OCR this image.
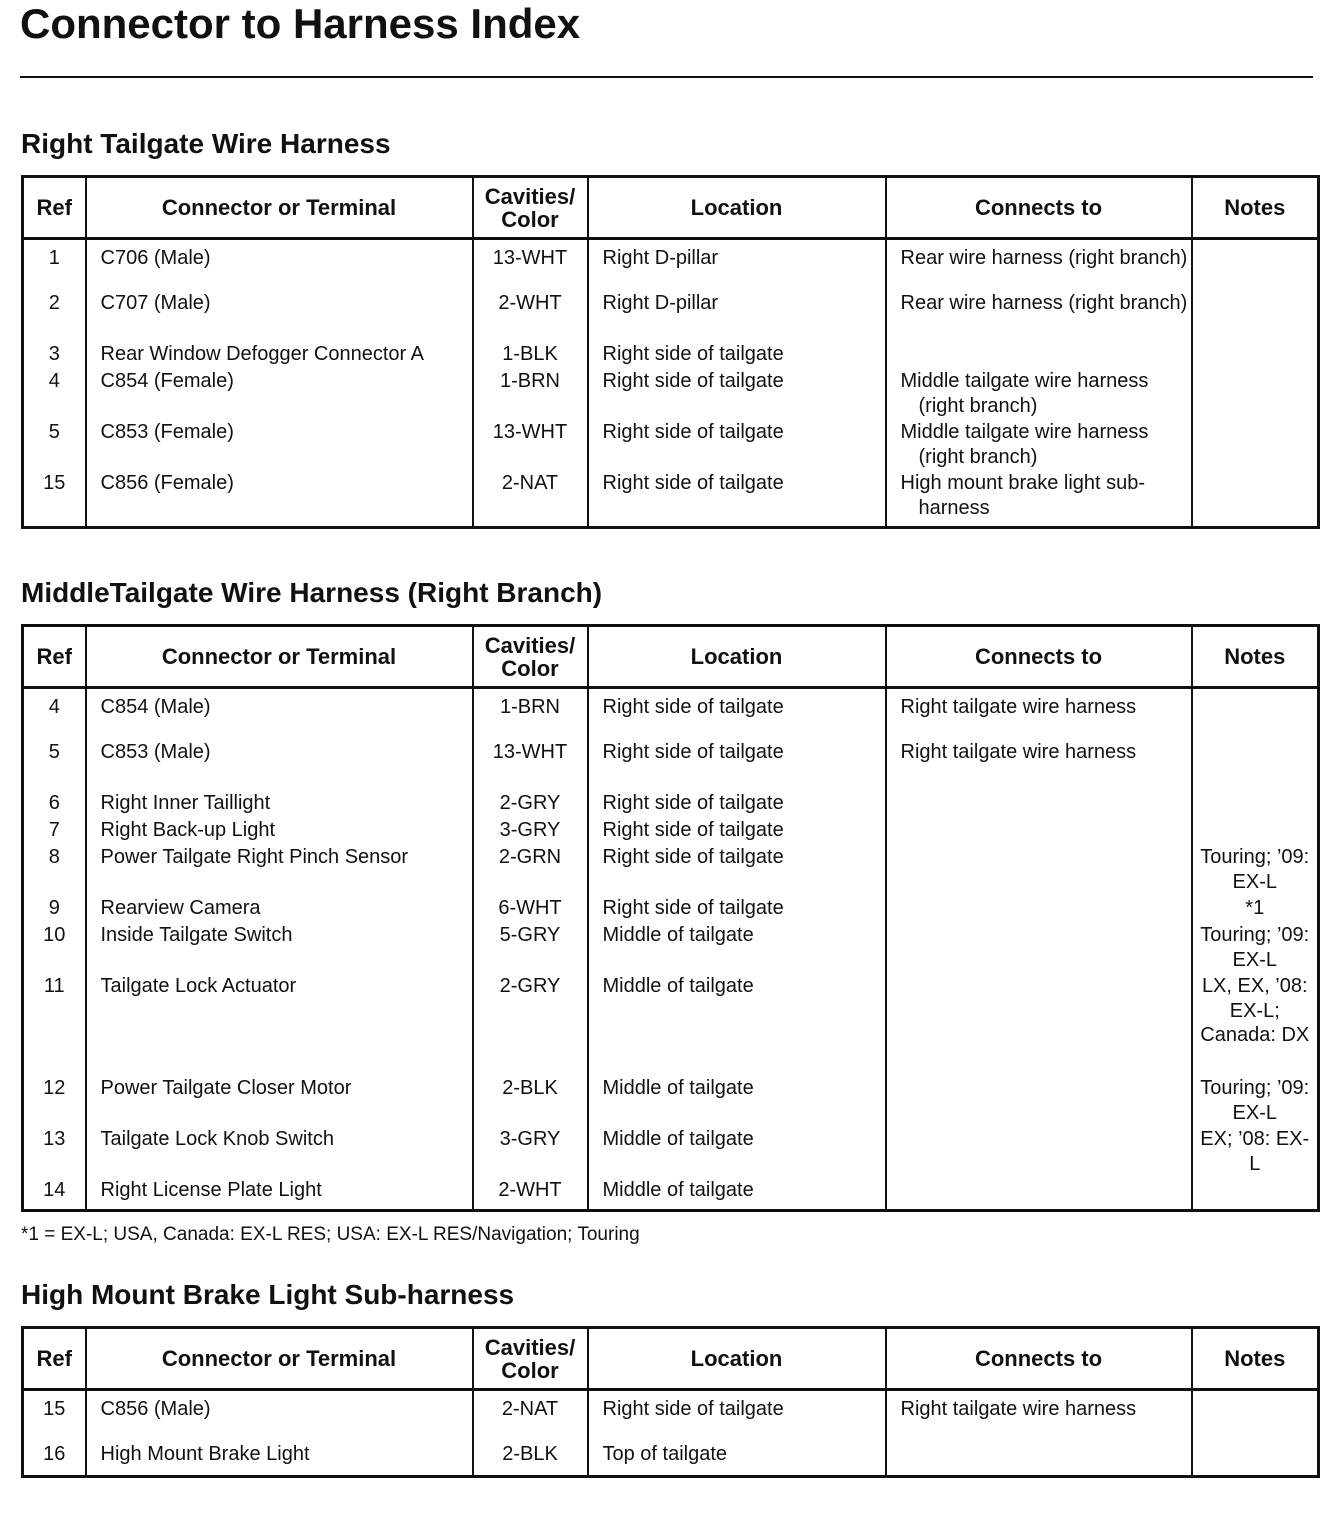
Connector to Harness Index
Right Tailgate Wire Harness
Ref	Connector or Terminal	Cavities/
Color	Location	Connects to	Notes
1	C706 (Male)	13-WHT	Right D-pillar	Rear wire harness (right branch)	

2	C707 (Male)	2-WHT	Right D-pillar	Rear wire harness (right branch)	

3	Rear Window Defogger Connector A	1-BLK	Right side of tailgate	

4	C854 (Female)	1-BRN	Right side of tailgate	Middle tailgate wire harness (right branch)	

5	C853 (Female)	13-WHT	Right side of tailgate	Middle tailgate wire harness (right branch)	

15	C856 (Female)	2-NAT	Right side of tailgate	High mount brake light sub-harness	

MiddleTailgate Wire Harness (Right Branch)
Ref	Connector or Terminal	Cavities/
Color	Location	Connects to	Notes
4	C854 (Male)	1-BRN	Right side of tailgate	Right tailgate wire harness	

5	C853 (Male)	13-WHT	Right side of tailgate	Right tailgate wire harness	

6	Right Inner Taillight	2-GRY	Right side of tailgate	

7	Right Back-up Light	3-GRY	Right side of tailgate	

8	Power Tailgate Right Pinch Sensor	2-GRN	Right side of tailgate		Touring; ’09: EX-L
9	Rearview Camera	6-WHT	Right side of tailgate		*1
10	Inside Tailgate Switch	5-GRY	Middle of tailgate		Touring; ’09: EX-L
11	Tailgate Lock Actuator	2-GRY	Middle of tailgate		LX, EX, ’08: EX-L; Canada: DX
12	Power Tailgate Closer Motor	2-BLK	Middle of tailgate		Touring; ’09: EX-L
13	Tailgate Lock Knob Switch	3-GRY	Middle of tailgate		EX; ’08: EX-L
14	Right License Plate Light	2-WHT	Middle of tailgate	

*1 = EX-L; USA, Canada: EX-L RES; USA: EX-L RES/Navigation; Touring
High Mount Brake Light Sub-harness
Ref	Connector or Terminal	Cavities/
Color	Location	Connects to	Notes
15	C856 (Male)	2-NAT	Right side of tailgate	Right tailgate wire harness	

16	High Mount Brake Light	2-BLK	Top of tailgate	
